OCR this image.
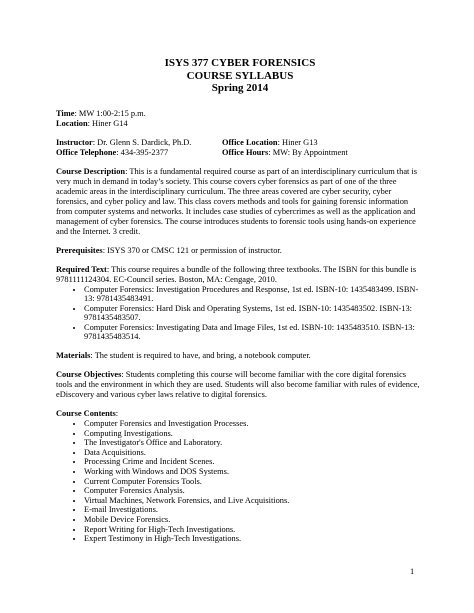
ISYS 377 CYBER FORENSICS
COURSE SYLLABUS
Spring 2014

Time: MW 1:00-2:15 p.m.

Location: Hiner G14

Instructor: Dr. Glenn S. Dardick, Ph.D.	Office Location: Hiner G13
Office Telephone: 434-395-2377	Office Hours: MW: By Appointment

Course Description: This is a fundamental required course as part of an interdisciplinary curriculum that is very much in demand in today’s society. This course covers cyber forensics as part of one of the three academic areas in the interdisciplinary curriculum. The three areas covered are cyber security, cyber forensics, and cyber policy and law. This class covers methods and tools for gaining forensic information from computer systems and networks. It includes case studies of cybercrimes as well as the application and management of cyber forensics. The course introduces students to forensic tools using hands-on experience and the Internet. 3 credit.

Prerequisites: ISYS 370 or CMSC 121 or permission of instructor.

Required Text: This course requires a bundle of the following three textbooks. The ISBN for this bundle is 9781111124304. EC-Council series. Boston, MA: Cengage, 2010.

• Computer Forensics: Investigation Procedures and Response, 1st ed. ISBN-10: 1435483499. ISBN-13: 9781435483491.
• Computer Forensics: Hard Disk and Operating Systems, 1st ed. ISBN-10: 1435483502. ISBN-13: 9781435483507.
• Computer Forensics: Investigating Data and Image Files, 1st ed. ISBN-10: 1435483510. ISBN-13: 9781435483514.

Materials: The student is required to have, and bring, a notebook computer.

Course Objectives: Students completing this course will become familiar with the core digital forensics tools and the environment in which they are used. Students will also become familiar with rules of evidence, eDiscovery and various cyber laws relative to digital forensics.

Course Contents:

• Computer Forensics and Investigation Processes.
• Computing Investigations.
• The Investigator's Office and Laboratory.
• Data Acquisitions.
• Processing Crime and Incident Scenes.
• Working with Windows and DOS Systems.
• Current Computer Forensics Tools.
• Computer Forensics Analysis.
• Virtual Machines, Network Forensics, and Live Acquisitions.
• E-mail Investigations.
• Mobile Device Forensics.
• Report Writing for High-Tech Investigations.
• Expert Testimony in High-Tech Investigations.
1
